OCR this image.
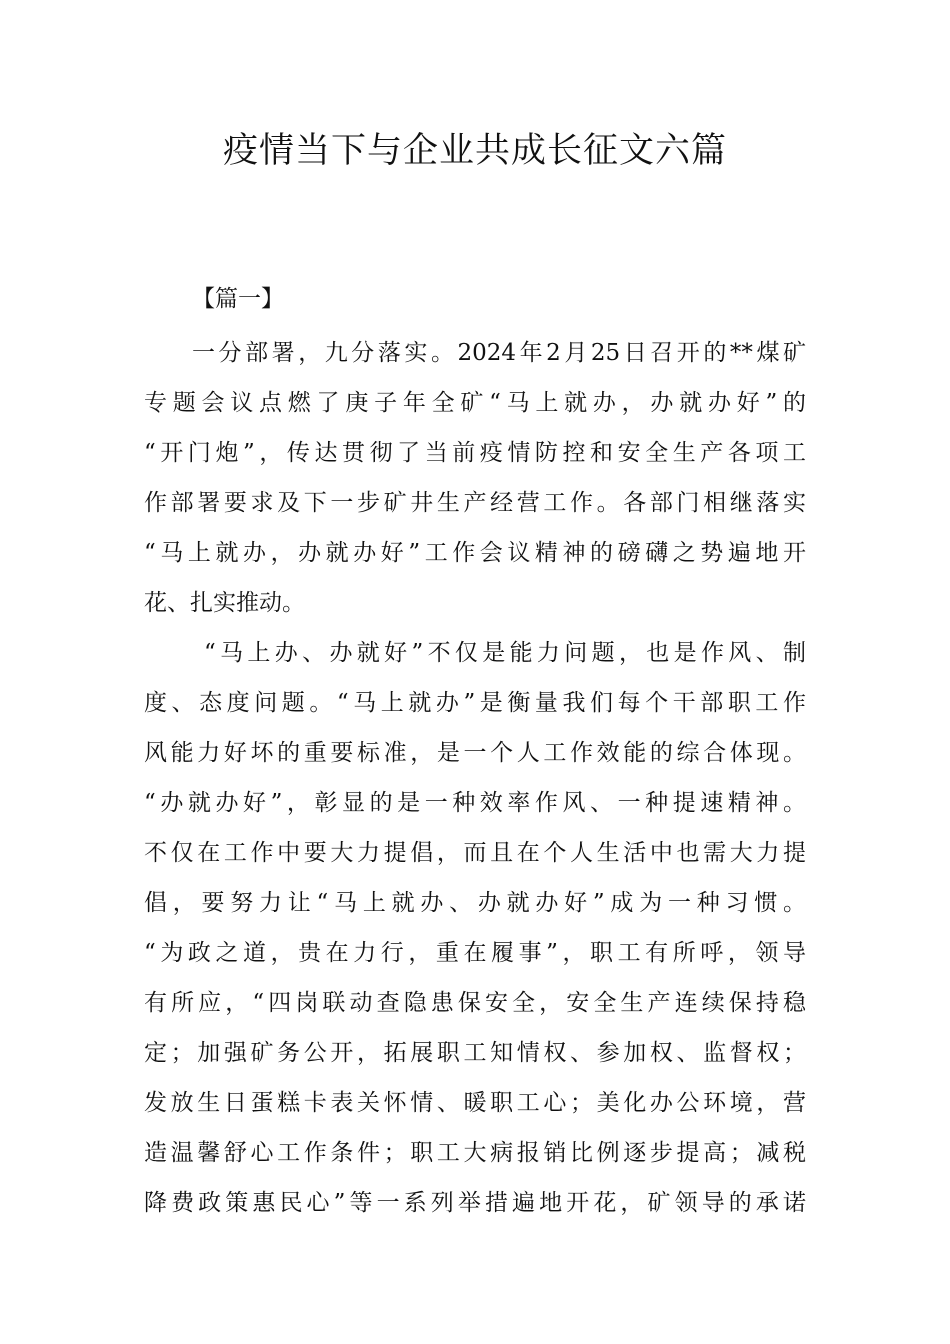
疫情当下与企业共成长征文六篇

【篇一】

一分部署，九分落实。2024年2月25日召开的**煤矿
专题会议点燃了庚子年全矿“马上就办，办就办好”的
“开门炮”，传达贯彻了当前疫情防控和安全生产各项工
作部署要求及下一步矿井生产经营工作。各部门相继落实
“马上就办，办就办好”工作会议精神的磅礴之势遍地开
花、扎实推动。
“马上办、办就好”不仅是能力问题，也是作风、制
度、态度问题。“马上就办”是衡量我们每个干部职工作
风能力好坏的重要标准，是一个人工作效能的综合体现。
“办就办好”，彰显的是一种效率作风、一种提速精神。
不仅在工作中要大力提倡，而且在个人生活中也需大力提
倡，要努力让“马上就办、办就办好”成为一种习惯。
“为政之道，贵在力行，重在履事”，职工有所呼，领导
有所应，“四岗联动查隐患保安全，安全生产连续保持稳
定；加强矿务公开，拓展职工知情权、参加权、监督权；
发放生日蛋糕卡表关怀情、暖职工心；美化办公环境，营
造温馨舒心工作条件；职工大病报销比例逐步提高；减税
降费政策惠民心”等一系列举措遍地开花，矿领导的承诺
